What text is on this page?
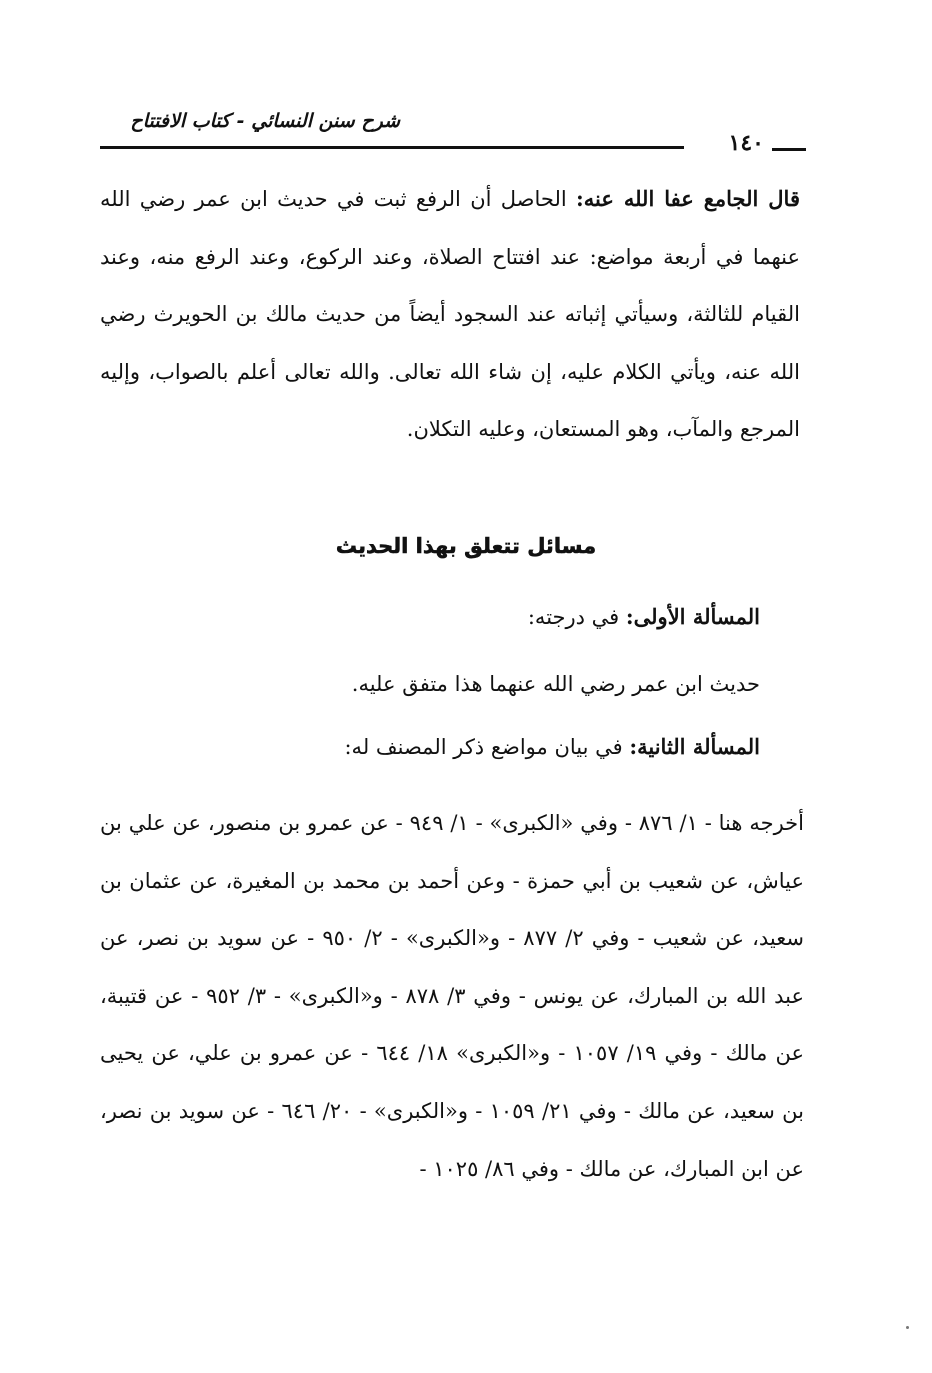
شرح سنن النسائي - كتاب الافتتاح
١٤٠
قال الجامع عفا الله عنه: الحاصل أن الرفع ثبت في حديث ابن عمر رضي الله عنهما في أربعة مواضع: عند افتتاح الصلاة، وعند الركوع، وعند الرفع منه، وعند القيام للثالثة، وسيأتي إثباته عند السجود أيضاً من حديث مالك بن الحويرث رضي الله عنه، ويأتي الكلام عليه، إن شاء الله تعالى. والله تعالى أعلم بالصواب، وإليه المرجع والمآب، وهو المستعان، وعليه التكلان.
مسائل تتعلق بهذا الحديث
المسألة الأولى: في درجته:
حديث ابن عمر رضي الله عنهما هذا متفق عليه.
المسألة الثانية: في بيان مواضع ذكر المصنف له:
أخرجه هنا - ١/ ٨٧٦ - وفي «الكبرى» - ١/ ٩٤٩ - عن عمرو بن منصور، عن علي بن عياش، عن شعيب بن أبي حمزة - وعن أحمد بن محمد بن المغيرة، عن عثمان بن سعيد، عن شعيب - وفي ٢/ ٨٧٧ - و«الكبرى» - ٢/ ٩٥٠ - عن سويد بن نصر، عن عبد الله بن المبارك، عن يونس - وفي ٣/ ٨٧٨ - و«الكبرى» - ٣/ ٩٥٢ - عن قتيبة، عن مالك - وفي ١٩/ ١٠٥٧ - و«الكبرى» ١٨/ ٦٤٤ - عن عمرو بن علي، عن يحيى بن سعيد، عن مالك - وفي ٢١/ ١٠٥٩ - و«الكبرى» - ٢٠/ ٦٤٦ - عن سويد بن نصر، عن ابن المبارك، عن مالك - وفي ٨٦/ ١٠٢٥ -
